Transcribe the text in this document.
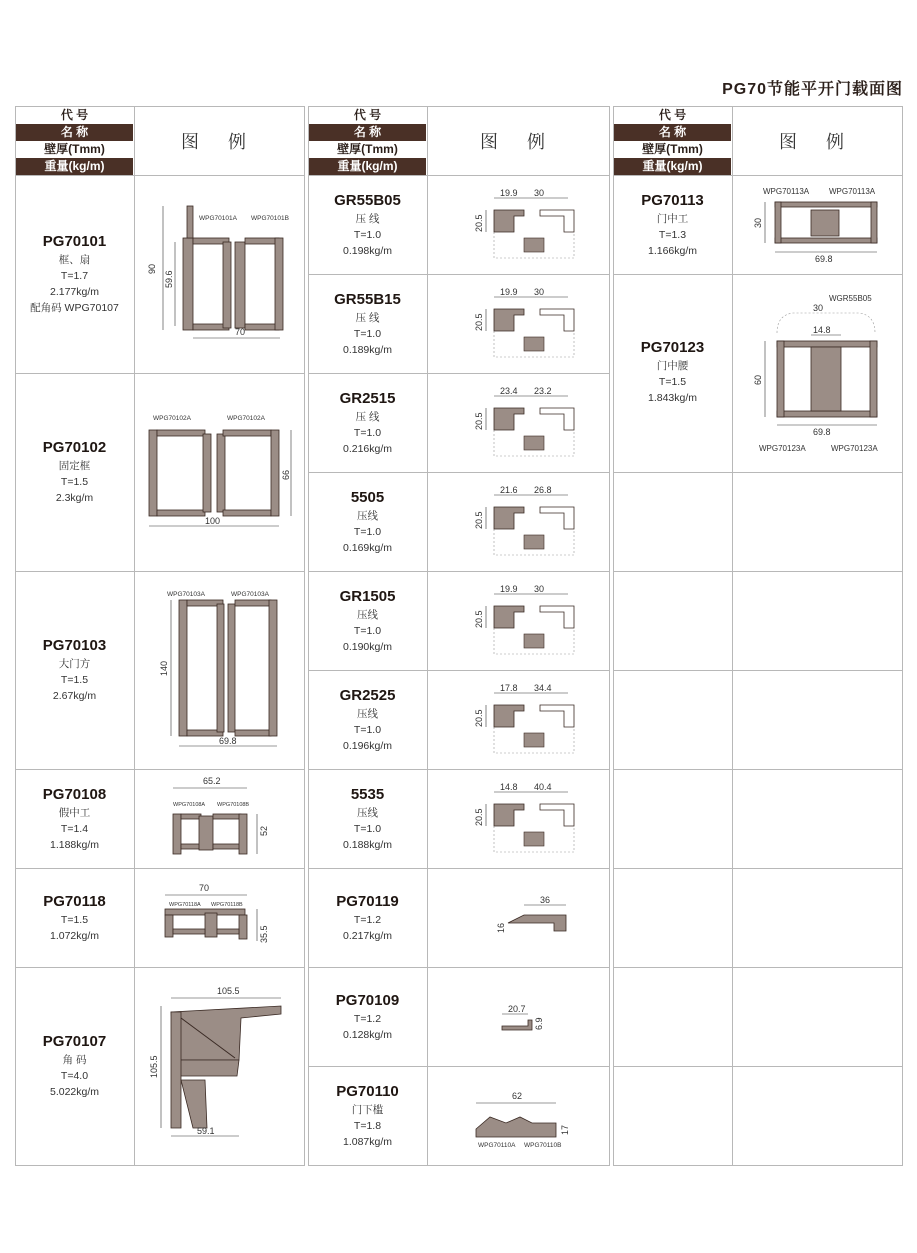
PG70节能平开门载面图
代 号
名 称
壁厚(Tmm)
重量(kg/m)
图 例
PG70101
框、扇
T=1.7
2.177kg/m
配角码 WPG70107
WPG70101A WPG70101B
90
59.6
70
PG70102
固定框
T=1.5
2.3kg/m
WPG70102A	WPG70102A
66
100
PG70103
大门方
T=1.5
2.67kg/m
WPG70103A	WPG70103A
140
69.8
PG70108
假中工
T=1.4
1.188kg/m
65.2
WPG70108A WPG70108B
52
PG70118
T=1.5
1.072kg/m
70
WPG70118A WPG70118B
35.5
PG70107
角 码
T=4.0
5.022kg/m
105.5
105.5
59.1
代 号
名 称
壁厚(Tmm)
重量(kg/m)
图 例
GR55B05
压 线
T=1.0
0.198kg/m
19.9 30
20.5
GR55B15
压 线
T=1.0
0.189kg/m
19.9 30
20.5
GR2515
压 线
T=1.0
0.216kg/m
23.4 23.2
20.5
5505
压线
T=1.0
0.169kg/m
21.6 26.8
20.5
GR1505
压线
T=1.0
0.190kg/m
19.9 30
20.5
GR2525
压线
T=1.0
0.196kg/m
17.8 34.4
20.5
5535
压线
T=1.0
0.188kg/m
14.8 40.4
20.5
PG70119
T=1.2
0.217kg/m
36
16
PG70109
T=1.2
0.128kg/m
20.7
6.9
PG70110
门下槛
T=1.8
1.087kg/m
62
17
WPG70110A WPG70110B
代 号
名 称
壁厚(Tmm)
重量(kg/m)
图 例
PG70113
门中工
T=1.3
1.166kg/m
WPG70113A WPG70113A
30
69.8
PG70123
门中腰
T=1.5
1.843kg/m
WGR55B05
30
14.8
60
69.8
WPG70123A	WPG70123A
